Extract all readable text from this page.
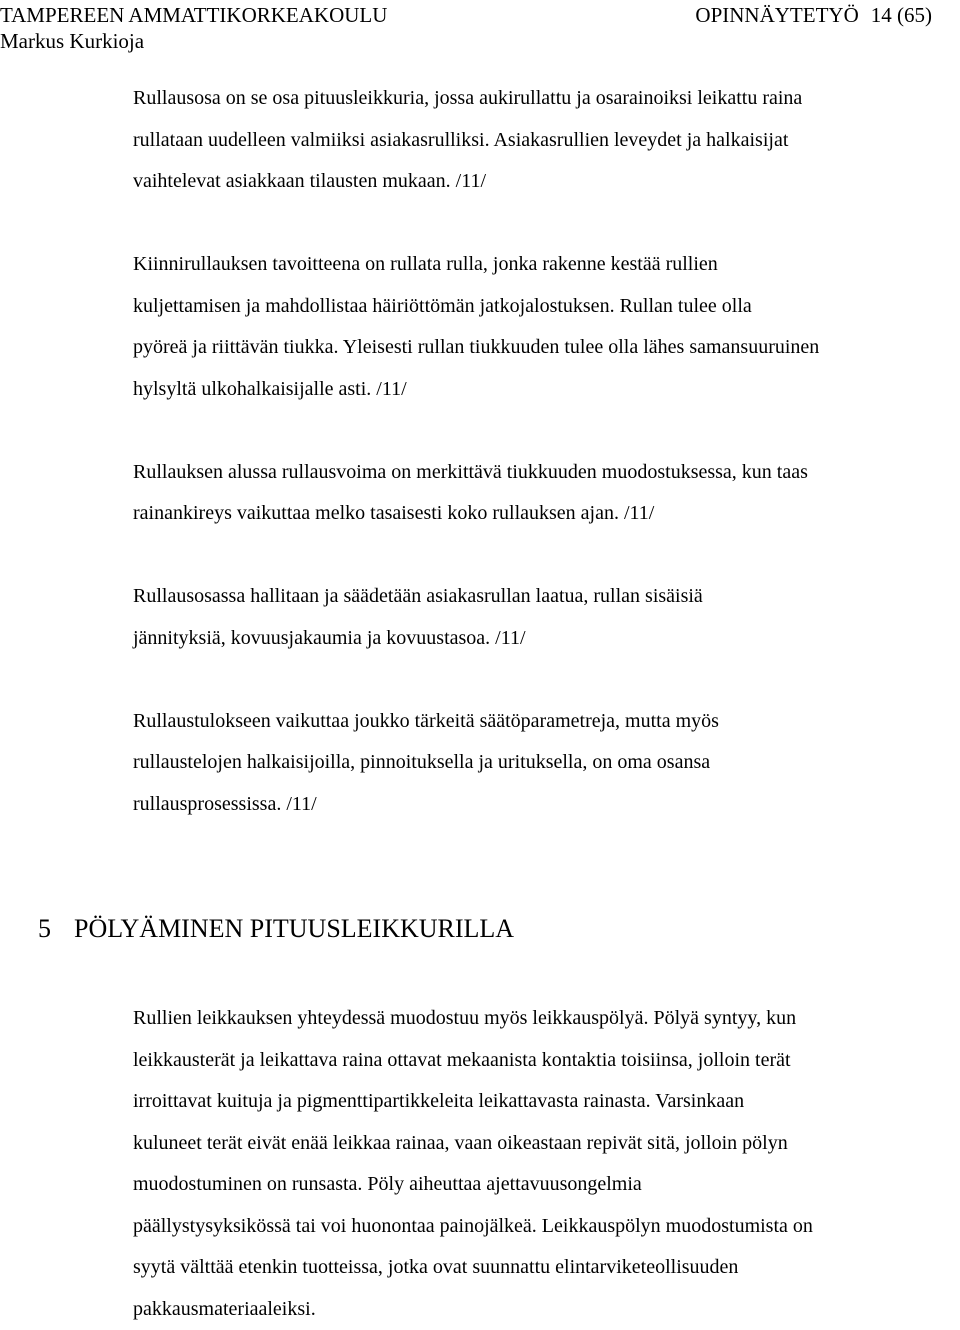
TAMPEREEN AMMATTIKORKEAKOULU
Markus Kurkioja
OPINNÄYTETYÖ 14 (65)
Rullausosa on se osa pituusleikkuria, jossa aukirullattu ja osarainoiksi leikattu raina
rullataan uudelleen valmiiksi asiakasrulliksi. Asiakasrullien leveydet ja halkaisijat
vaihtelevat asiakkaan tilausten mukaan. /11/
Kiinnirullauksen tavoitteena on rullata rulla, jonka rakenne kestää rullien
kuljettamisen ja mahdollistaa häiriöttömän jatkojalostuksen. Rullan tulee olla
pyöreä ja riittävän tiukka. Yleisesti rullan tiukkuuden tulee olla lähes samansuuruinen
hylsyltä ulkohalkaisijalle asti. /11/
Rullauksen alussa rullausvoima on merkittävä tiukkuuden muodostuksessa, kun taas
rainankireys vaikuttaa melko tasaisesti koko rullauksen ajan. /11/
Rullausosassa hallitaan ja säädetään asiakasrullan laatua, rullan sisäisiä
jännityksiä, kovuusjakaumia ja kovuustasoa. /11/
Rullaustulokseen vaikuttaa joukko tärkeitä säätöparametreja, mutta myös
rullaustelojen halkaisijoilla, pinnoituksella ja urituksella, on oma osansa
rullausprosessissa. /11/
5 PÖLYÄMINEN PITUUSLEIKKURILLA
Rullien leikkauksen yhteydessä muodostuu myös leikkauspölyä. Pölyä syntyy, kun
leikkausterät ja leikattava raina ottavat mekaanista kontaktia toisiinsa, jolloin terät
irroittavat kuituja ja pigmenttipartikkeleita leikattavasta rainasta. Varsinkaan
kuluneet terät eivät enää leikkaa rainaa, vaan oikeastaan repivät sitä, jolloin pölyn
muodostuminen on runsasta. Pöly aiheuttaa ajettavuusongelmia
päällystysyksikössä tai voi huonontaa painojälkeä. Leikkauspölyn muodostumista on
syytä välttää etenkin tuotteissa, jotka ovat suunnattu elintarviketeollisuuden
pakkausmateriaaleiksi.
